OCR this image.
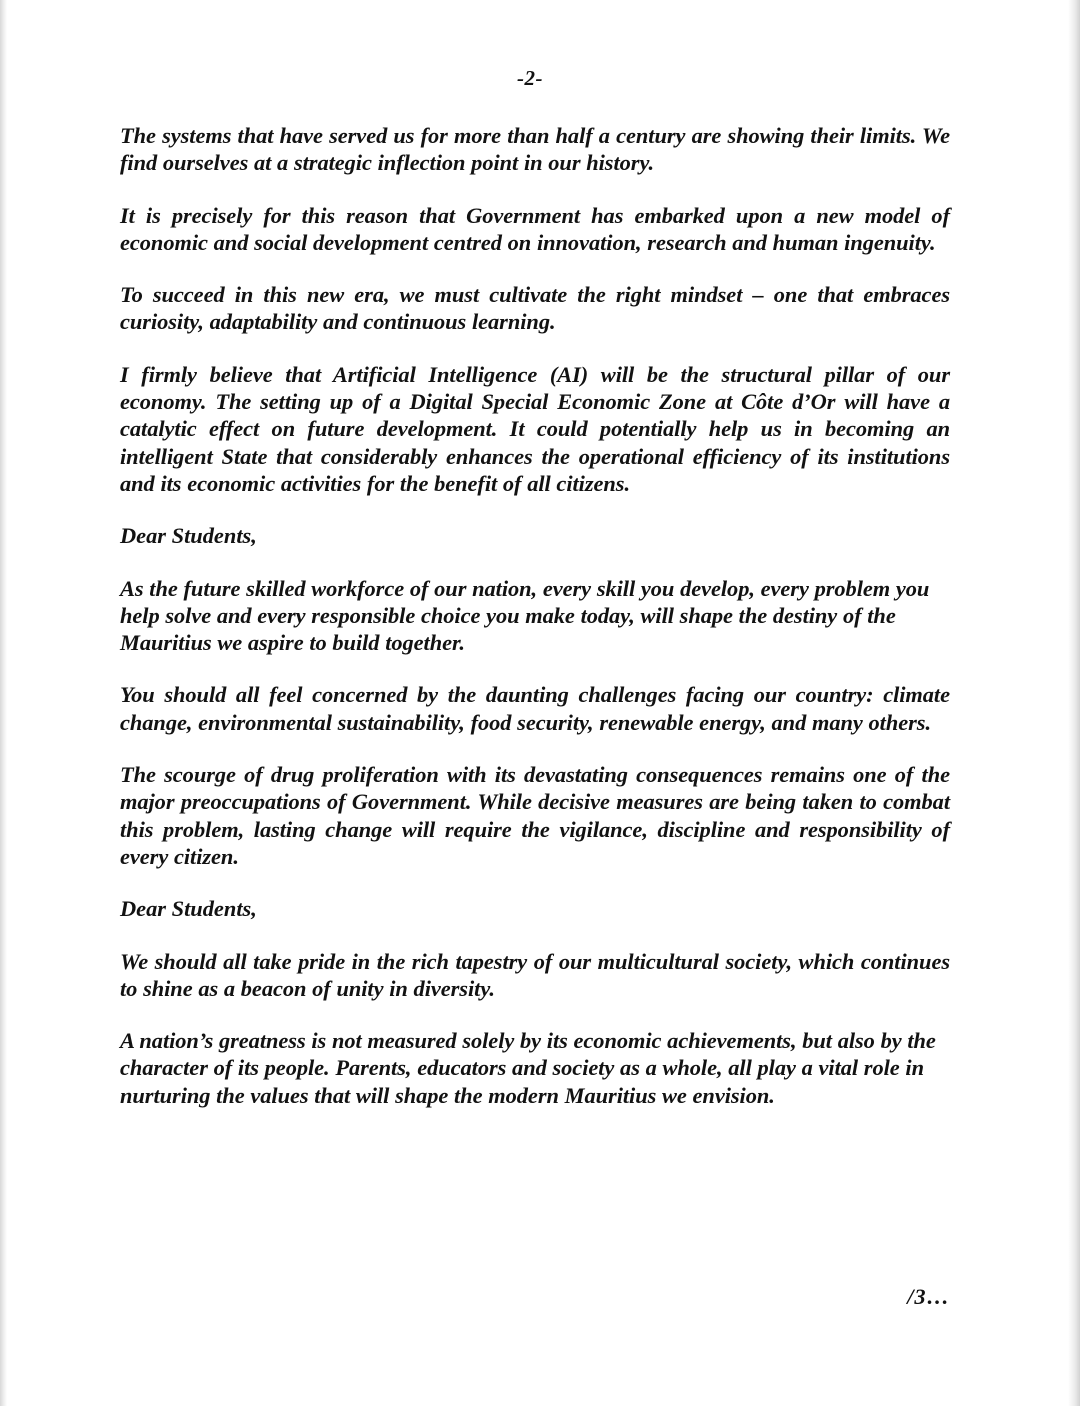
-2-

The systems that have served us for more than half a century are showing their limits. We find ourselves at a strategic inflection point in our history.

It is precisely for this reason that Government has embarked upon a new model of economic and social development centred on innovation, research and human ingenuity.

To succeed in this new era, we must cultivate the right mindset – one that embraces curiosity, adaptability and continuous learning.

I firmly believe that Artificial Intelligence (AI) will be the structural pillar of our economy. The setting up of a Digital Special Economic Zone at Côte d’Or will have a catalytic effect on future development. It could potentially help us in becoming an intelligent State that considerably enhances the operational efficiency of its institutions and its economic activities for the benefit of all citizens.

Dear Students,

As the future skilled workforce of our nation, every skill you develop, every problem you help solve and every responsible choice you make today, will shape the destiny of the Mauritius we aspire to build together.

You should all feel concerned by the daunting challenges facing our country: climate change, environmental sustainability, food security, renewable energy, and many others.

The scourge of drug proliferation with its devastating consequences remains one of the major preoccupations of Government. While decisive measures are being taken to combat this problem, lasting change will require the vigilance, discipline and responsibility of every citizen.

Dear Students,

We should all take pride in the rich tapestry of our multicultural society, which continues to shine as a beacon of unity in diversity.

A nation’s greatness is not measured solely by its economic achievements, but also by the character of its people. Parents, educators and society as a whole, all play a vital role in nurturing the values that will shape the modern Mauritius we envision.

/3…
